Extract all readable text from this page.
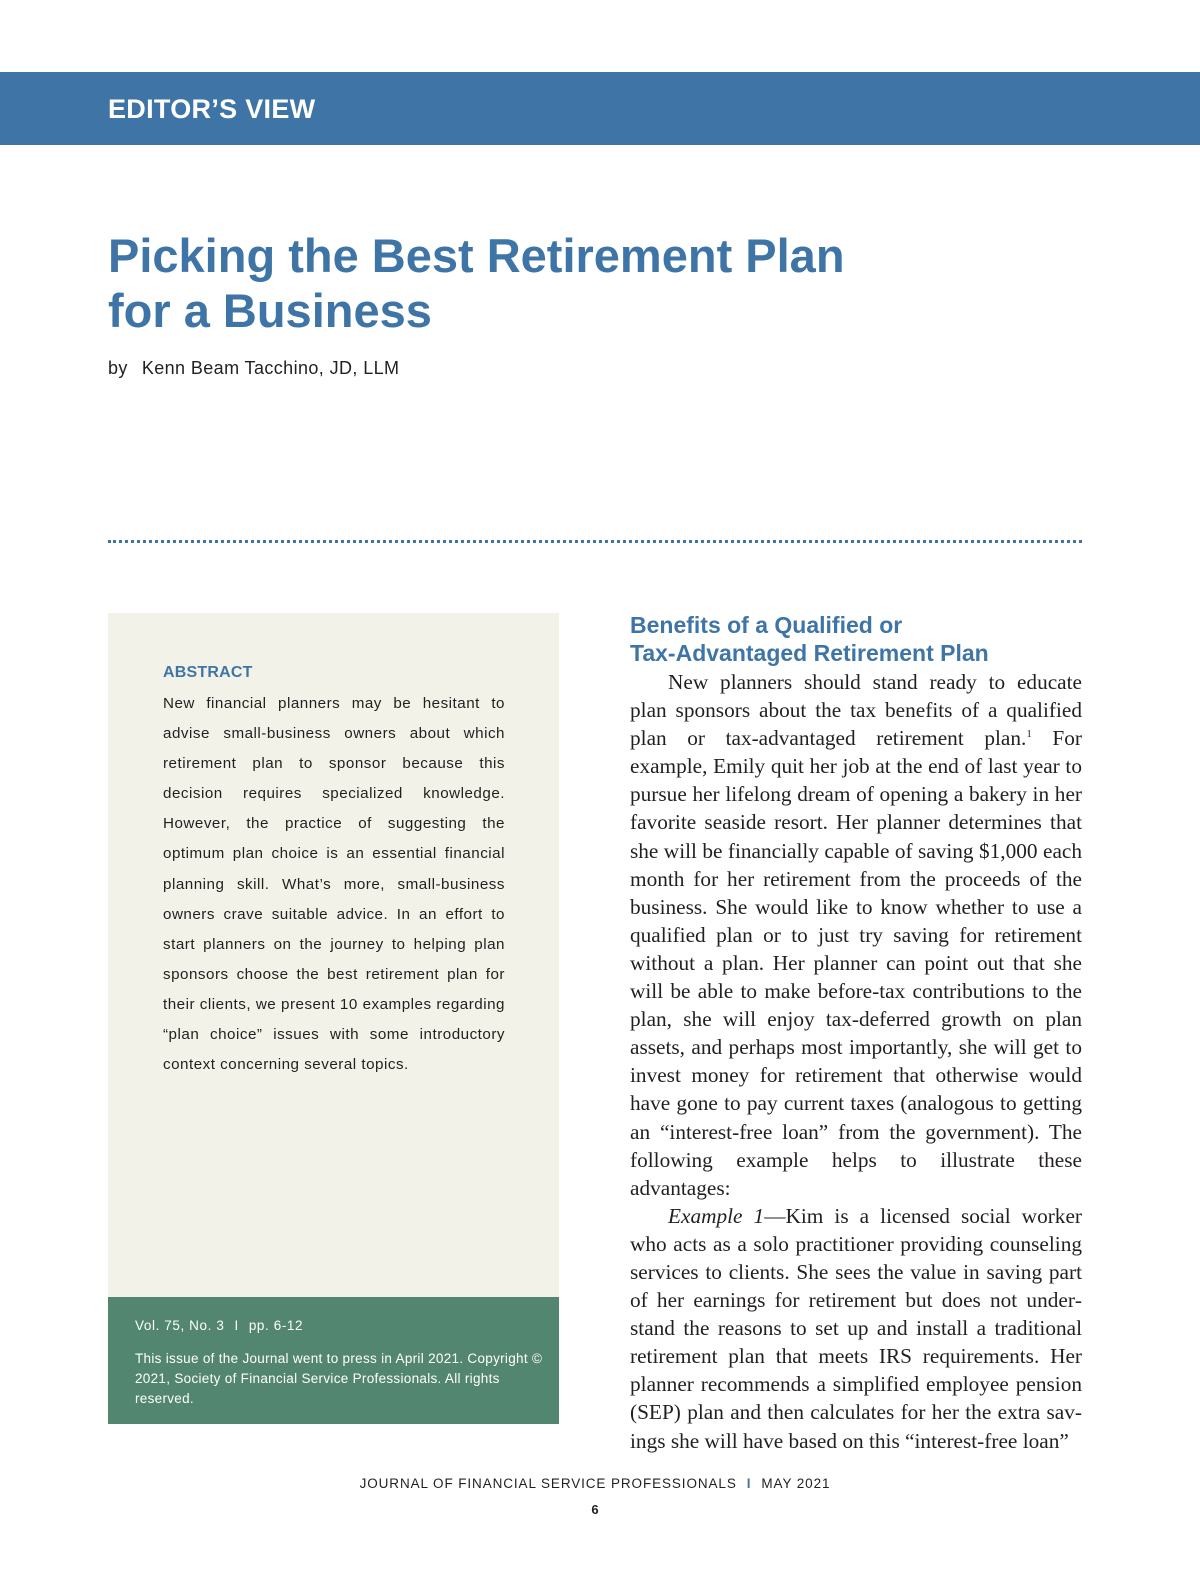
EDITOR’S VIEW
Picking the Best Retirement Plan
for a Business
by Kenn Beam Tacchino, JD, LLM
ABSTRACT
New financial planners may be hesitant to advise small-business owners about which retirement plan to sponsor because this decision requires specialized knowledge. However, the practice of suggesting the optimum plan choice is an essential financial planning skill. What’s more, small-business owners crave suitable advice. In an effort to start planners on the journey to helping plan sponsors choose the best retirement plan for their clients, we present 10 examples regarding “plan choice” issues with some introductory context concerning several topics.
Vol. 75, No. 3 I pp. 6-12
This issue of the Journal went to press in April 2021. Copyright © 2021, Society of Financial Service Professionals. All rights reserved.
Benefits of a Qualified or
Tax-Advantaged Retirement Plan

New planners should stand ready to educate plan sponsors about the tax benefits of a qualified plan or tax-advantaged retirement plan.$^1$ For example, Emily quit her job at the end of last year to pursue her lifelong dream of opening a bakery in her favorite seaside resort. Her planner determines that she will be financially capable of saving $1,000 each month for her retirement from the proceeds of the business. She would like to know whether to use a qualified plan or to just try saving for retirement without a plan. Her planner can point out that she will be able to make before-tax contributions to the plan, she will enjoy tax-deferred growth on plan assets, and perhaps most importantly, she will get to invest money for retirement that otherwise would have gone to pay current taxes (analogous to getting an “interest-free loan” from the government). The following example helps to illustrate these advantages:

Example 1—Kim is a licensed social worker who acts as a solo practitioner providing counseling services to clients. She sees the value in saving part of her earnings for retirement but does not understand the reasons to set up and install a traditional retirement plan that meets IRS requirements. Her planner recommends a simplified employee pension (SEP) plan and then calculates for her the extra savings she will have based on this “interest-free loan”

JOURNAL OF FINANCIAL SERVICE PROFESSIONALS I MAY 2021
6
